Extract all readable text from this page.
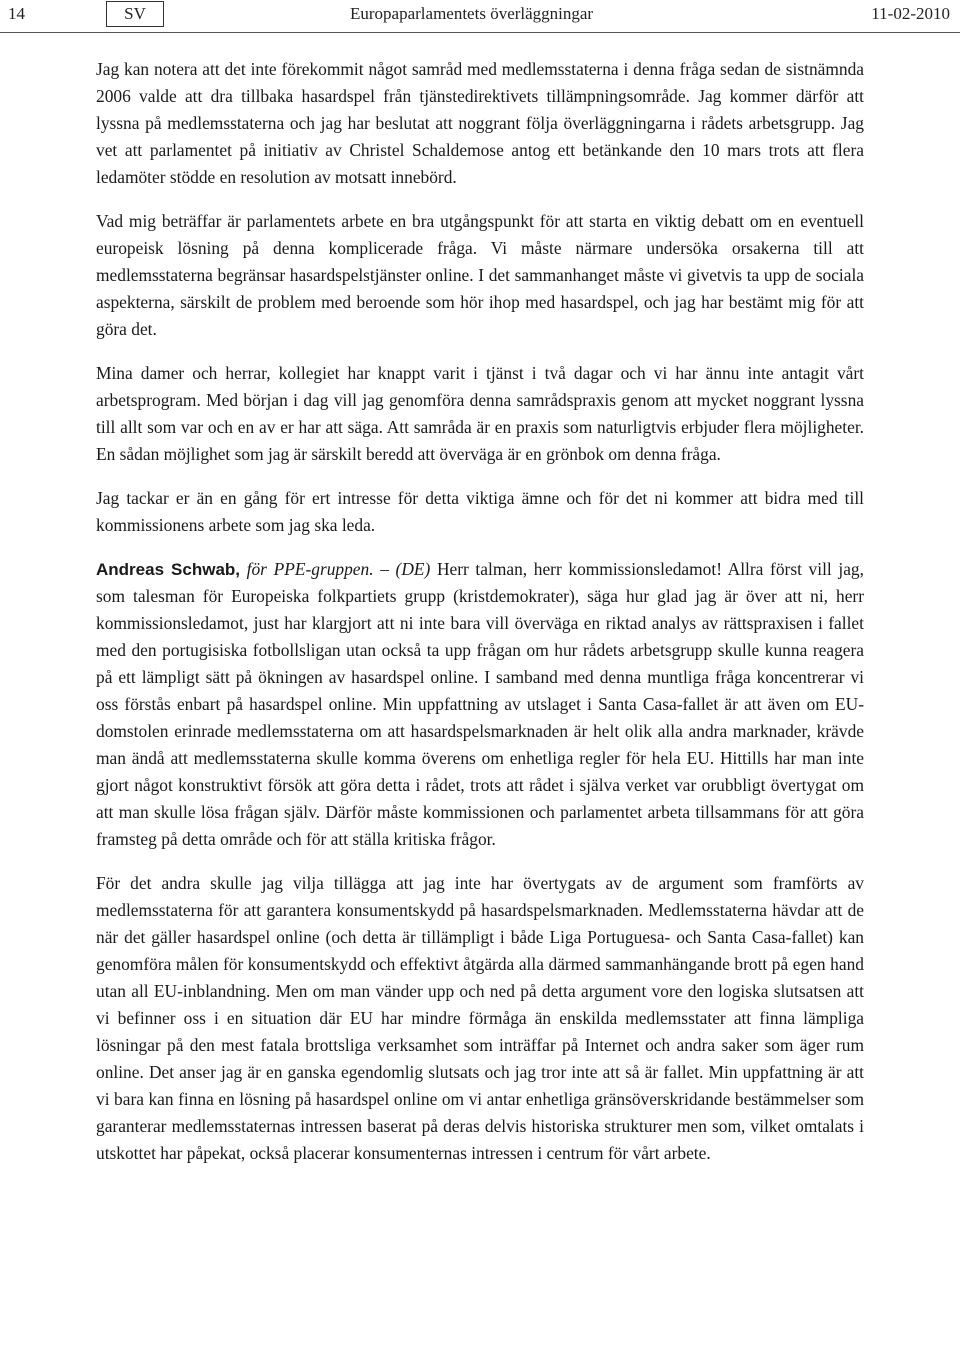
14	SV	Europaparlamentets överläggningar	11-02-2010

Jag kan notera att det inte förekommit något samråd med medlemsstaterna i denna fråga sedan de sistnämnda 2006 valde att dra tillbaka hasardspel från tjänstedirektivets tillämpningsområde. Jag kommer därför att lyssna på medlemsstaterna och jag har beslutat att noggrant följa överläggningarna i rådets arbetsgrupp. Jag vet att parlamentet på initiativ av Christel Schaldemose antog ett betänkande den 10 mars trots att flera ledamöter stödde en resolution av motsatt innebörd.

Vad mig beträffar är parlamentets arbete en bra utgångspunkt för att starta en viktig debatt om en eventuell europeisk lösning på denna komplicerade fråga. Vi måste närmare undersöka orsakerna till att medlemsstaterna begränsar hasardspelstjänster online. I det sammanhanget måste vi givetvis ta upp de sociala aspekterna, särskilt de problem med beroende som hör ihop med hasardspel, och jag har bestämt mig för att göra det.

Mina damer och herrar, kollegiet har knappt varit i tjänst i två dagar och vi har ännu inte antagit vårt arbetsprogram. Med början i dag vill jag genomföra denna samrådspraxis genom att mycket noggrant lyssna till allt som var och en av er har att säga. Att samråda är en praxis som naturligtvis erbjuder flera möjligheter. En sådan möjlighet som jag är särskilt beredd att överväga är en grönbok om denna fråga.

Jag tackar er än en gång för ert intresse för detta viktiga ämne och för det ni kommer att bidra med till kommissionens arbete som jag ska leda.

Andreas Schwab, för PPE-gruppen. – (DE) Herr talman, herr kommissionsledamot! Allra först vill jag, som talesman för Europeiska folkpartiets grupp (kristdemokrater), säga hur glad jag är över att ni, herr kommissionsledamot, just har klargjort att ni inte bara vill överväga en riktad analys av rättspraxisen i fallet med den portugisiska fotbollsligan utan också ta upp frågan om hur rådets arbetsgrupp skulle kunna reagera på ett lämpligt sätt på ökningen av hasardspel online. I samband med denna muntliga fråga koncentrerar vi oss förstås enbart på hasardspel online. Min uppfattning av utslaget i Santa Casa-fallet är att även om EU-domstolen erinrade medlemsstaterna om att hasardspelsmarknaden är helt olik alla andra marknader, krävde man ändå att medlemsstaterna skulle komma överens om enhetliga regler för hela EU. Hittills har man inte gjort något konstruktivt försök att göra detta i rådet, trots att rådet i själva verket var orubbligt övertygat om att man skulle lösa frågan själv. Därför måste kommissionen och parlamentet arbeta tillsammans för att göra framsteg på detta område och för att ställa kritiska frågor.

För det andra skulle jag vilja tillägga att jag inte har övertygats av de argument som framförts av medlemsstaterna för att garantera konsumentskydd på hasardspelsmarknaden. Medlemsstaterna hävdar att de när det gäller hasardspel online (och detta är tillämpligt i både Liga Portuguesa- och Santa Casa-fallet) kan genomföra målen för konsumentskydd och effektivt åtgärda alla därmed sammanhängande brott på egen hand utan all EU-inblandning. Men om man vänder upp och ned på detta argument vore den logiska slutsatsen att vi befinner oss i en situation där EU har mindre förmåga än enskilda medlemsstater att finna lämpliga lösningar på den mest fatala brottsliga verksamhet som inträffar på Internet och andra saker som äger rum online. Det anser jag är en ganska egendomlig slutsats och jag tror inte att så är fallet. Min uppfattning är att vi bara kan finna en lösning på hasardspel online om vi antar enhetliga gränsöverskridande bestämmelser som garanterar medlemsstaternas intressen baserat på deras delvis historiska strukturer men som, vilket omtalats i utskottet har påpekat, också placerar konsumenternas intressen i centrum för vårt arbete.
